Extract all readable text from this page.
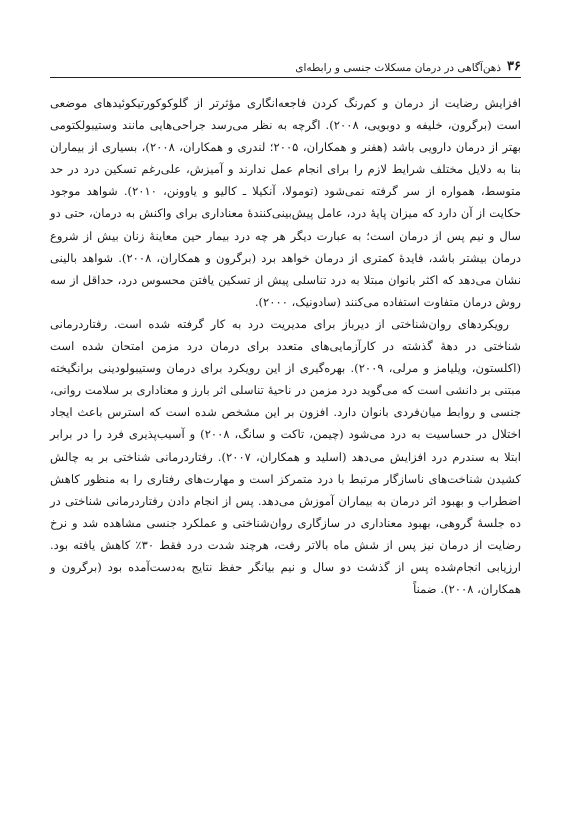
۳۶
ذهن‌آگاهی در درمان مسکلات جنسی و رابطه‌ای

افزایش رضایت از درمان و کم‌رنگ کردن فاجعه‌انگاری مؤثرتر از گلوکوکورتیکوئیدهای موضعی است (برگرون، خلیفه و دوبویی، ۲۰۰۸). اگرچه به نظر می‌رسد جراحی‌هایی مانند وستیبولکتومی بهتر از درمان دارویی باشد (هفنر و همکاران، ۲۰۰۵؛ لندری و همکاران، ۲۰۰۸)، بسیاری از بیماران بنا به دلایل مختلف شرایط لازم را برای انجام عمل ندارند و آمیزش، علی‌رغم تسکین درد در حد متوسط، همواره از سر گرفته نمی‌شود (تومولا، آنکیلا ـ کالیو و یاوونن، ۲۰۱۰). شواهد موجود حکایت از آن دارد که میزان پایهٔ درد، عامل پیش‌بینی‌کنندهٔ معناداری برای واکنش به درمان، حتی دو سال و نیم پس از درمان است؛ به عبارت دیگر هر چه درد بیمار حین معاینهٔ زنان بیش از شروع درمان بیشتر باشد، فایدهٔ کمتری از درمان خواهد برد (برگرون و همکاران، ۲۰۰۸). شواهد بالینی نشان می‌دهد که اکثر بانوان مبتلا به درد تناسلی پیش از تسکین یافتن محسوس درد، حداقل از سه روش درمان متفاوت استفاده می‌کنند (سادونیک، ۲۰۰۰).

رویکردهای روان‌شناختی از دیرباز برای مدیریت درد به کار گرفته شده است. رفتاردرمانی شناختی در دهۀ گذشته در کارآزمایی‌های متعدد برای درمان درد مزمن امتحان شده است (اکلستون، ویلیامز و مرلی، ۲۰۰۹). بهره‌گیری از این رویکرد برای درمان وستیبولودینی برانگیخته مبتنی بر دانشی است که می‌گوید درد مزمن در ناحیۀ تناسلی اثر بارز و معناداری بر سلامت روانی، جنسی و روابط میان‌فردی بانوان دارد. افزون بر این مشخص شده است که استرس باعث ایجاد اختلال در حساسیت به درد می‌شود (چیمن، تاکت و سانگ، ۲۰۰۸) و آسیب‌پذیری فرد را در برابر ابتلا به سندرم درد افزایش می‌دهد (اسلید و همکاران، ۲۰۰۷). رفتاردرمانی شناختی بر به چالش کشیدن شناخت‌های ناسازگار مرتبط با درد متمرکز است و مهارت‌های رفتاری را به منظور کاهش اضطراب و بهبود اثر درمان به بیماران آموزش می‌دهد. پس از انجام دادن رفتاردرمانی شناختی در ده جلسهٔ گروهی، بهبود معناداری در سازگاری روان‌شناختی و عملکرد جنسی مشاهده شد و نرخ رضایت از درمان نیز پس از شش ماه بالاتر رفت، هرچند شدت درد فقط ۳۰٪ کاهش یافته بود. ارزیابی انجام‌شده پس از گذشت دو سال و نیم بیانگر حفظ نتایج به‌دست‌آمده بود (برگرون و همکاران، ۲۰۰۸). ضمناً
